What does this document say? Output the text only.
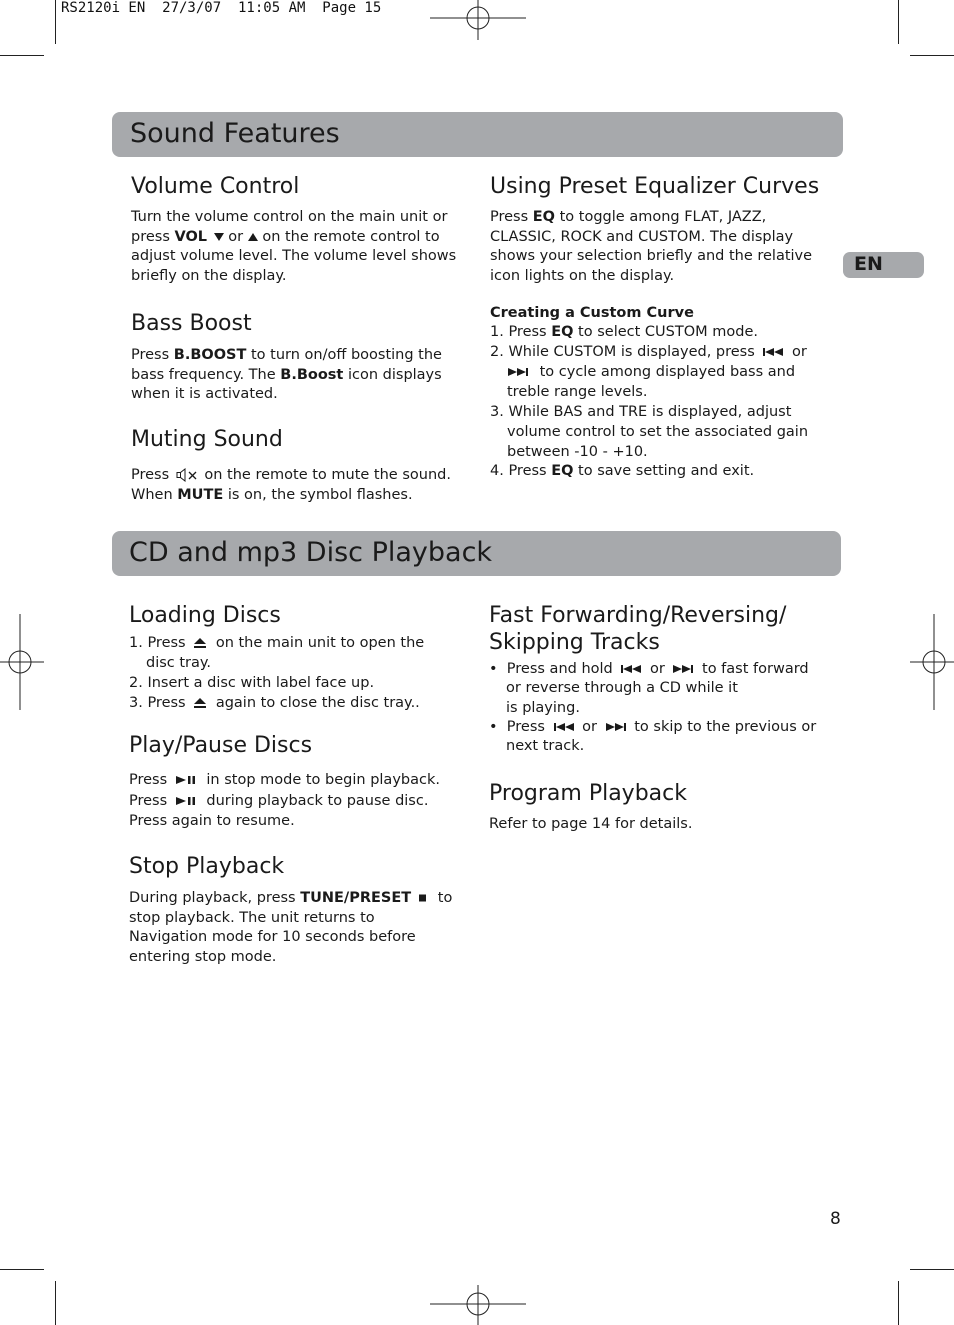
RS2120i EN  27/3/07  11:05 AM  Page 15
EN
Sound Features
Volume Control

Turn the volume control on the main unit or
press VOL  or  on the remote control to
adjust volume level. The volume level shows
briefly on the display.

Bass Boost

Press B.BOOST to turn on/off boosting the
bass frequency. The B.Boost icon displays
when it is activated.

Muting Sound

Press  on the remote to mute the sound.
When MUTE is on, the symbol flashes.

Using Preset Equalizer Curves

Press EQ to toggle among FLAT, JAZZ,
CLASSIC, ROCK and CUSTOM. The display
shows your selection briefly and the relative
icon lights on the display.

Creating a Custom Curve

1. Press EQ to select CUSTOM mode.

2. While CUSTOM is displayed, press  or

to cycle among displayed bass and
treble range levels.

3. While BAS and TRE is displayed, adjust

volume control to set the associated gain
between -10 - +10.

4. Press EQ to save setting and exit.

CD and mp3 Disc Playback
Loading Discs

1. Press  on the main unit to open the

disc tray.

2. Insert a disc with label face up.

3. Press  again to close the disc tray..

Play/Pause Discs

Press  in stop mode to begin playback.
Press  during playback to pause disc.
Press again to resume.

Stop Playback

During playback, press TUNE/PRESET to
stop playback. The unit returns to
Navigation mode for 10 seconds before
entering stop mode.

Fast Forwarding/Reversing/
Skipping Tracks

•  Press and hold  or  to fast forward

or reverse through a CD while it
is playing.

•  Press  or  to skip to the previous or

next track.

Program Playback

Refer to page 14 for details.

8
